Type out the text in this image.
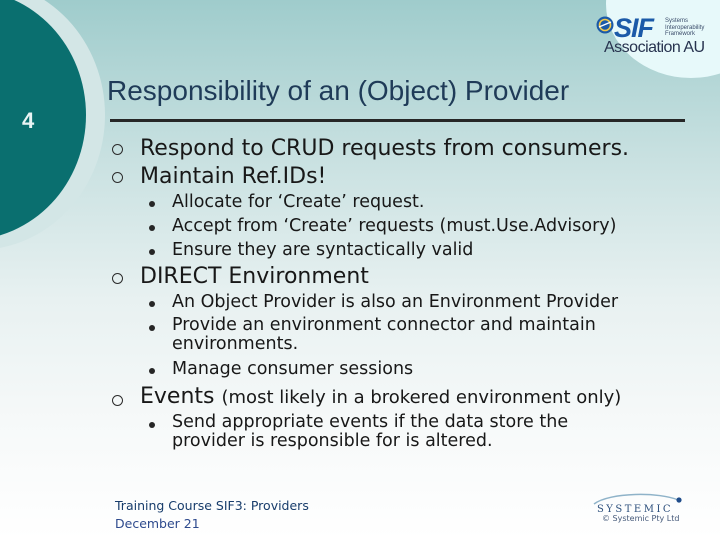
4
SIF Systems
Interoperability
Framework
Association AU
Responsibility of an (Object) Provider
Respond to CRUD requests from consumers.
Maintain Ref.IDs!
Allocate for ‘Create’ request.
Accept from ‘Create’ requests (must.Use.Advisory)
Ensure they are syntactically valid
DIRECT Environment
An Object Provider is also an Environment Provider
Provide an environment connector and maintain
environments.
Manage consumer sessions
Events (most likely in a brokered environment only)
Send appropriate events if the data store the
provider is responsible for is altered.
Training Course SIF3: Providers
December 21
SYSTEMIC
© Systemic Pty Ltd
